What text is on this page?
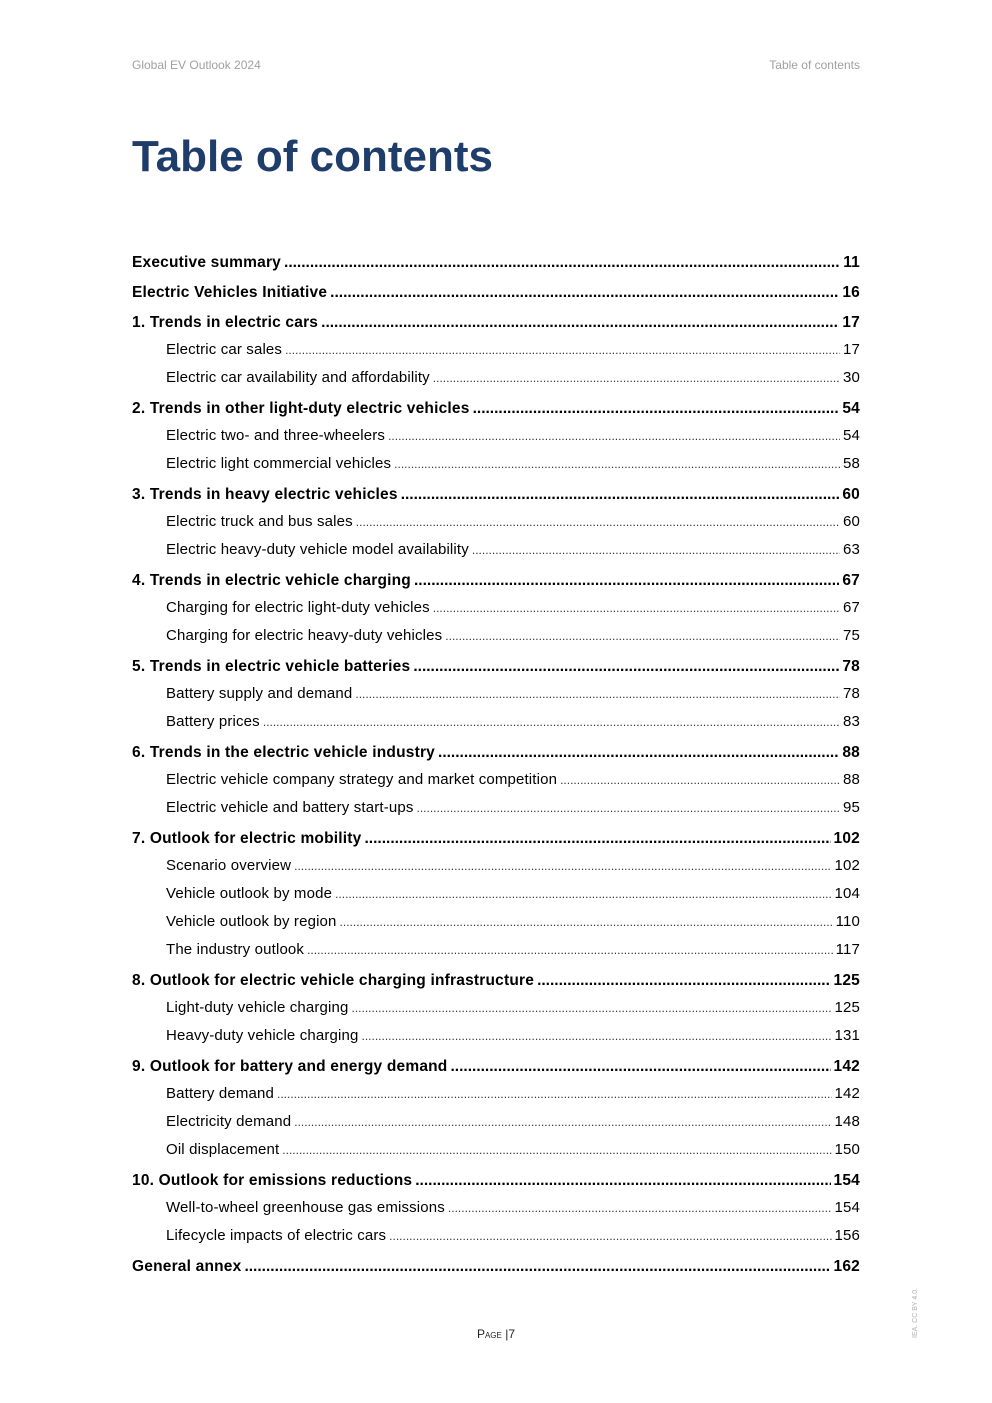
Global EV Outlook 2024	Table of contents
Table of contents
Executive summary .....	11
Electric Vehicles Initiative .....	16
1. Trends in electric cars .....	17
Electric car sales .....	17
Electric car availability and affordability .....	30
2. Trends in other light-duty electric vehicles .....	54
Electric two- and three-wheelers .....	54
Electric light commercial vehicles .....	58
3. Trends in heavy electric vehicles .....	60
Electric truck and bus sales .....	60
Electric heavy-duty vehicle model availability .....	63
4. Trends in electric vehicle charging .....	67
Charging for electric light-duty vehicles .....	67
Charging for electric heavy-duty vehicles .....	75
5. Trends in electric vehicle batteries .....	78
Battery supply and demand .....	78
Battery prices .....	83
6. Trends in the electric vehicle industry .....	88
Electric vehicle company strategy and market competition .....	88
Electric vehicle and battery start-ups .....	95
7. Outlook for electric mobility .....	102
Scenario overview .....	102
Vehicle outlook by mode .....	104
Vehicle outlook by region .....	110
The industry outlook .....	117
8. Outlook for electric vehicle charging infrastructure .....	125
Light-duty vehicle charging .....	125
Heavy-duty vehicle charging .....	131
9. Outlook for battery and energy demand .....	142
Battery demand .....	142
Electricity demand .....	148
Oil displacement .....	150
10. Outlook for emissions reductions .....	154
Well-to-wheel greenhouse gas emissions .....	154
Lifecycle impacts of electric cars .....	156
General annex .....	162
Page |7	IEA. CC BY 4.0.
